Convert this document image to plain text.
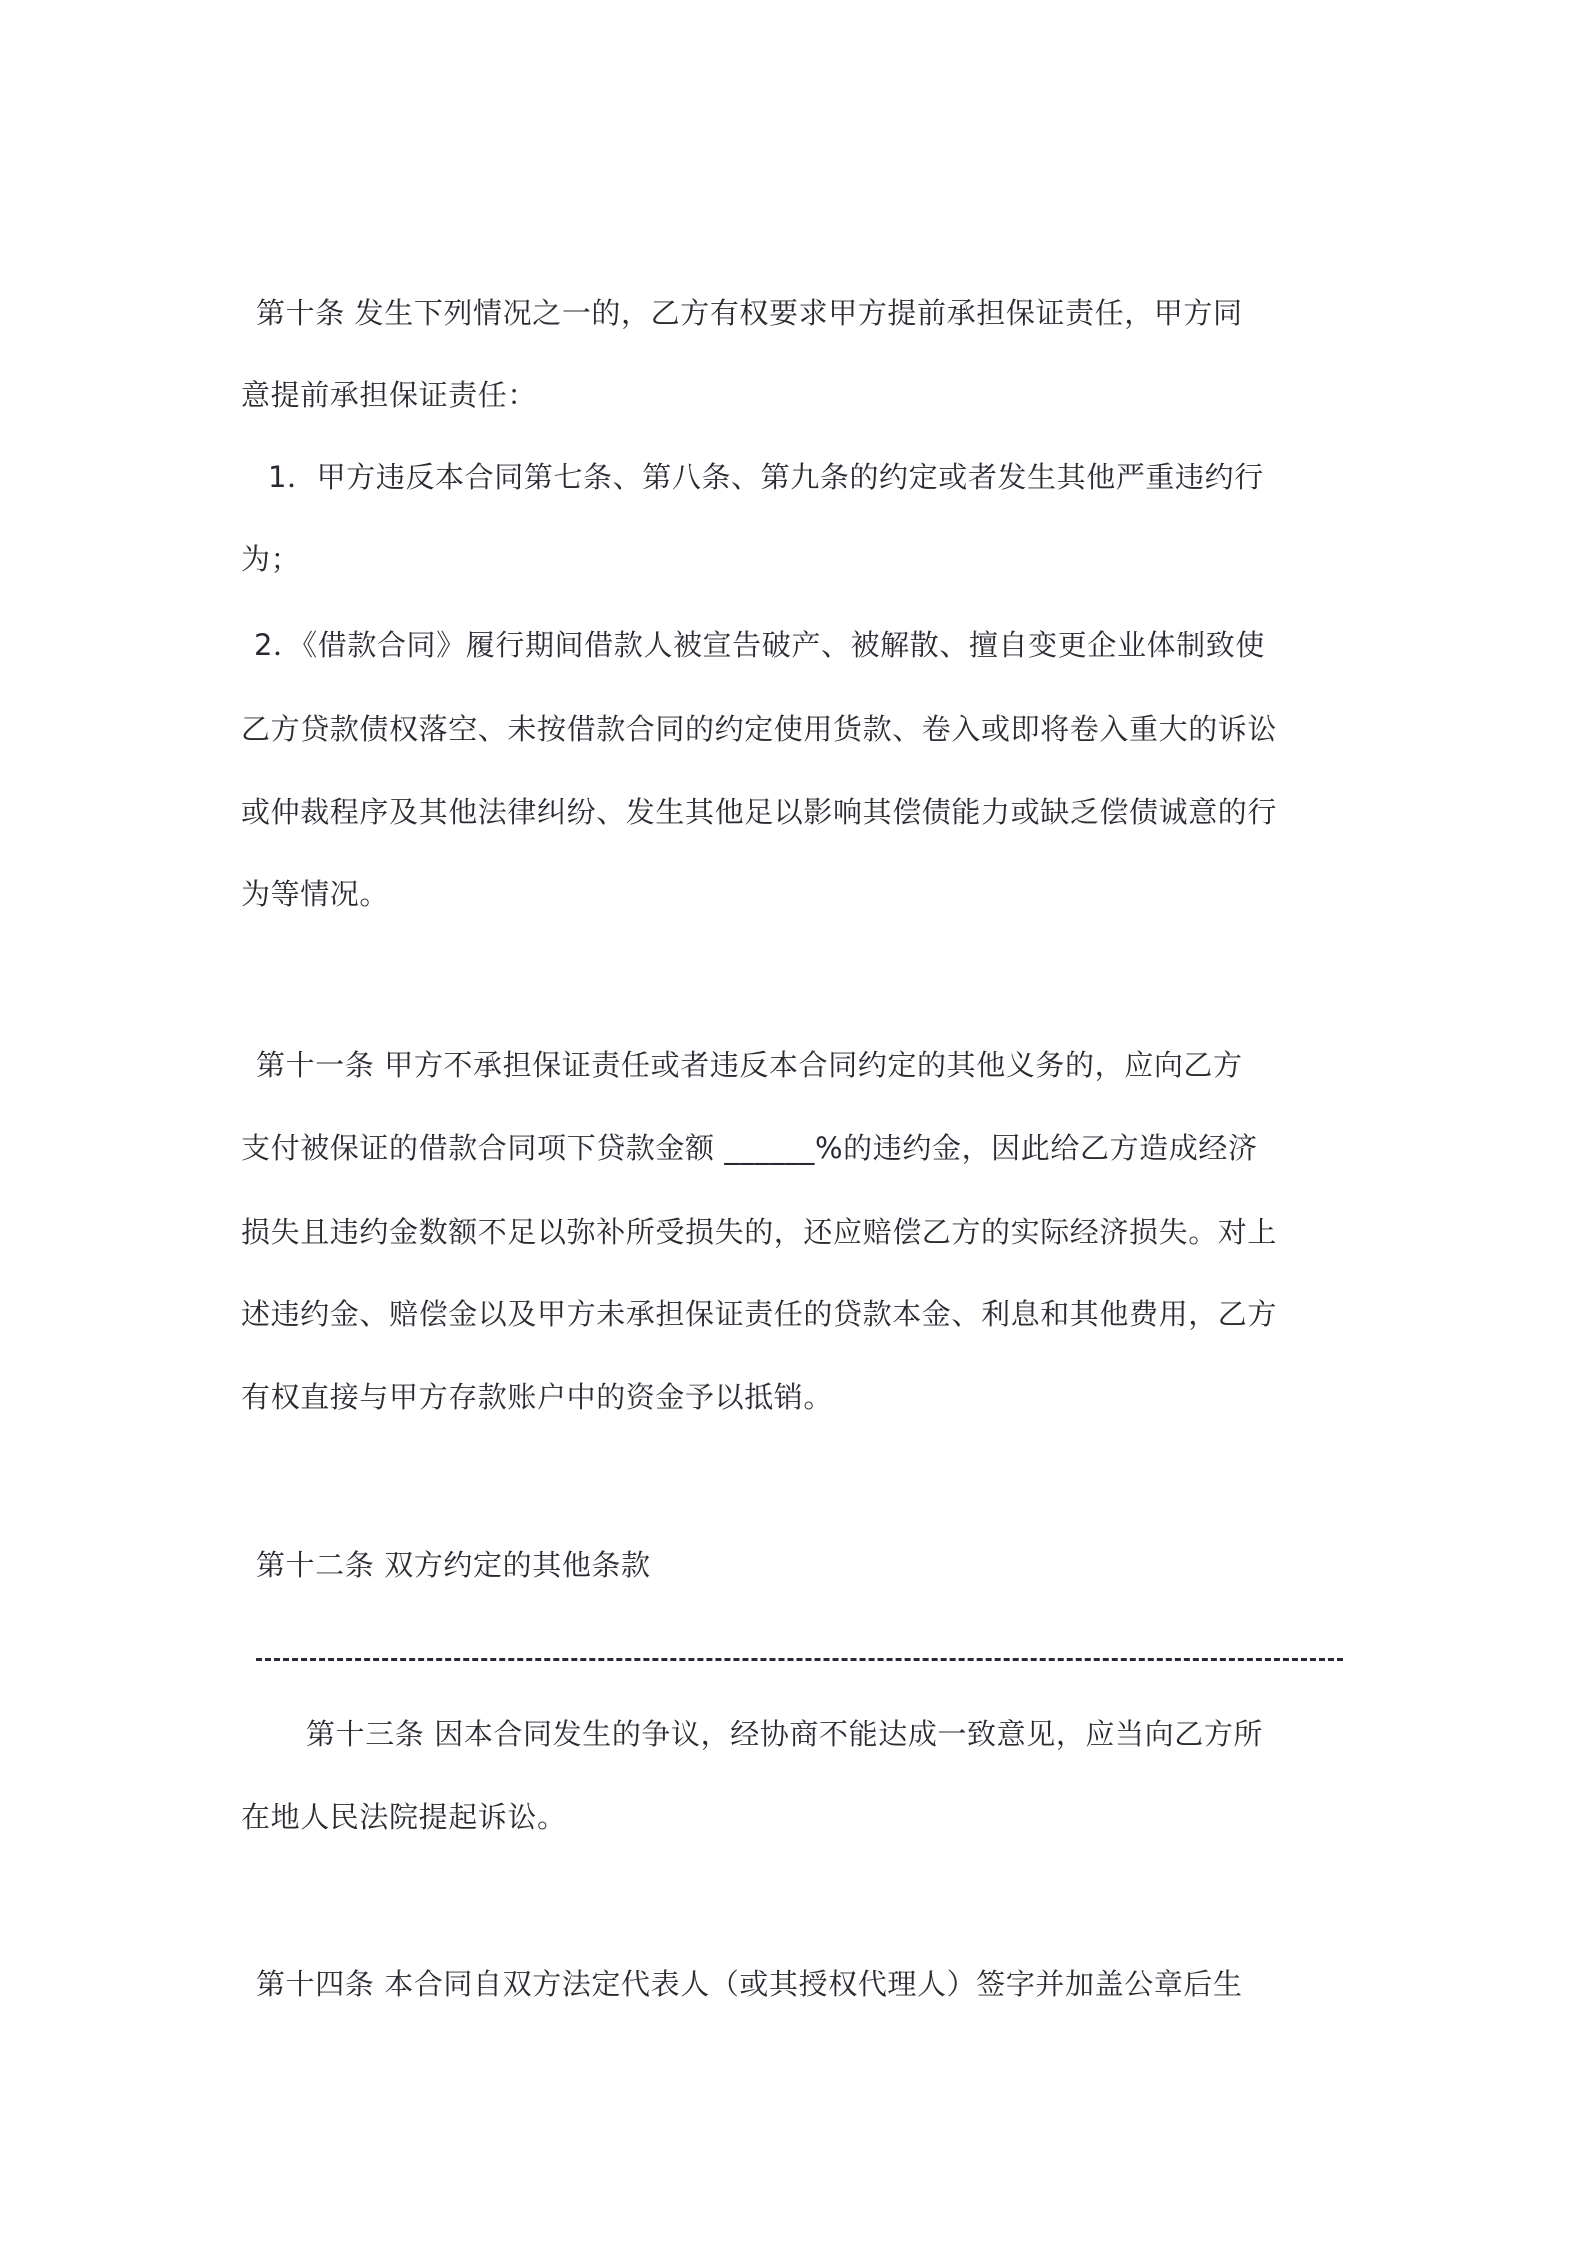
第十条 发生下列情况之一的，乙方有权要求甲方提前承担保证责任，甲方同
意提前承担保证责任：
1．甲方违反本合同第七条、第八条、第九条的约定或者发生其他严重违约行
为；
2．《借款合同》履行期间借款人被宣告破产、被解散、擅自变更企业体制致使
乙方贷款债权落空、未按借款合同的约定使用货款、卷入或即将卷入重大的诉讼
或仲裁程序及其他法律纠纷、发生其他足以影响其偿债能力或缺乏偿债诚意的行
为等情况。
第十一条 甲方不承担保证责任或者违反本合同约定的其他义务的，应向乙方
支付被保证的借款合同项下贷款金额 ______%的违约金，因此给乙方造成经济
损失且违约金数额不足以弥补所受损失的，还应赔偿乙方的实际经济损失。对上
述违约金、赔偿金以及甲方未承担保证责任的贷款本金、利息和其他费用，乙方
有权直接与甲方存款账户中的资金予以抵销。
第十二条 双方约定的其他条款
第十三条 因本合同发生的争议，经协商不能达成一致意见，应当向乙方所
在地人民法院提起诉讼。
第十四条 本合同自双方法定代表人（或其授权代理人）签字并加盖公章后生
